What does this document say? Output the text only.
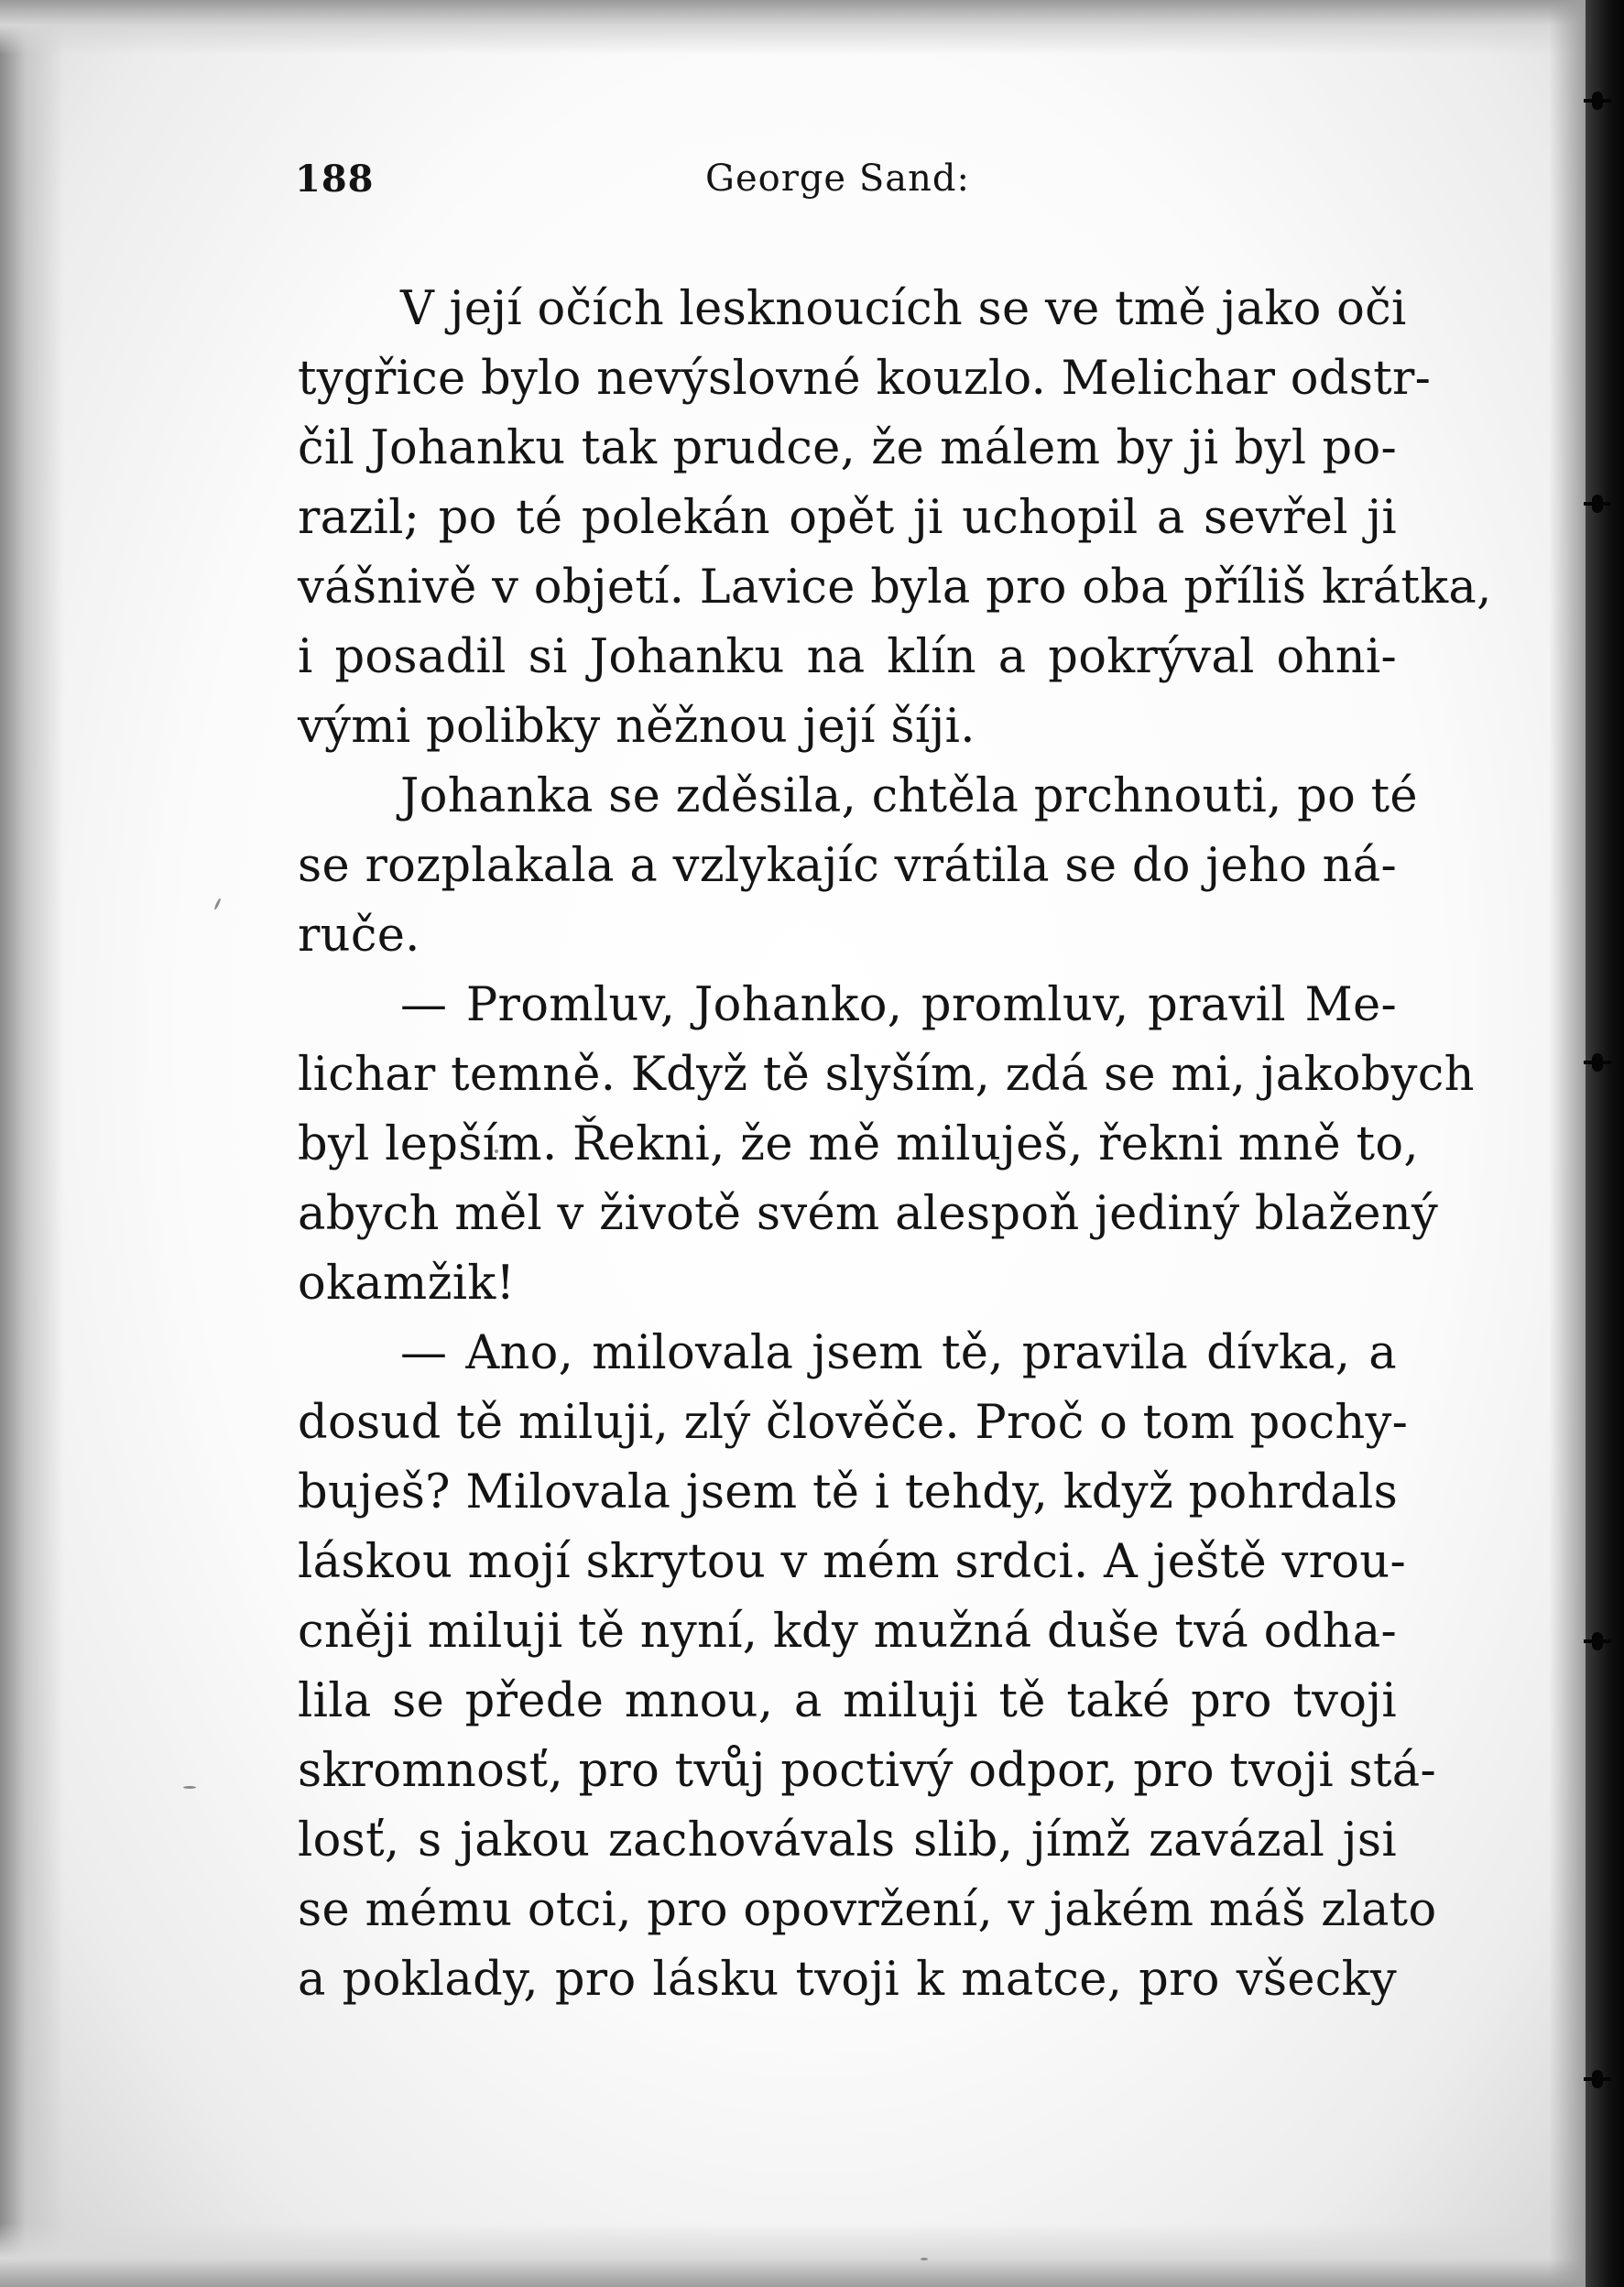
188	George Sand:
V její očích lesknoucích se ve tmě jako oči
tygřice bylo nevýslovné kouzlo. Melichar odstr-
čil Johanku tak prudce, že málem by ji byl po-
razil; po té polekán opět ji uchopil a sevřel ji
vášnivě v objetí. Lavice byla pro oba příliš krátka,
i posadil si Johanku na klín a pokrýval ohni-
vými polibky něžnou její šíji.
Johanka se zděsila, chtěla prchnouti, po té
se rozplakala a vzlykajíc vrátila se do jeho ná-
ruče.
— Promluv, Johanko, promluv, pravil Me-
lichar temně. Když tě slyším, zdá se mi, jakobych
byl lepším. Řekni, že mě miluješ, řekni mně to,
abych měl v životě svém alespoň jediný blažený
okamžik!
— Ano, milovala jsem tě, pravila dívka, a
dosud tě miluji, zlý člověče. Proč o tom pochy-
buješ? Milovala jsem tě i tehdy, když pohrdals
láskou mojí skrytou v mém srdci. A ještě vrou-
cněji miluji tě nyní, kdy mužná duše tvá odha-
lila se přede mnou, a miluji tě také pro tvoji
skromnosť, pro tvůj poctivý odpor, pro tvoji stá-
losť, s jakou zachovávals slib, jímž zavázal jsi
se mému otci, pro opovržení, v jakém máš zlato
a poklady, pro lásku tvoji k matce, pro všecky
